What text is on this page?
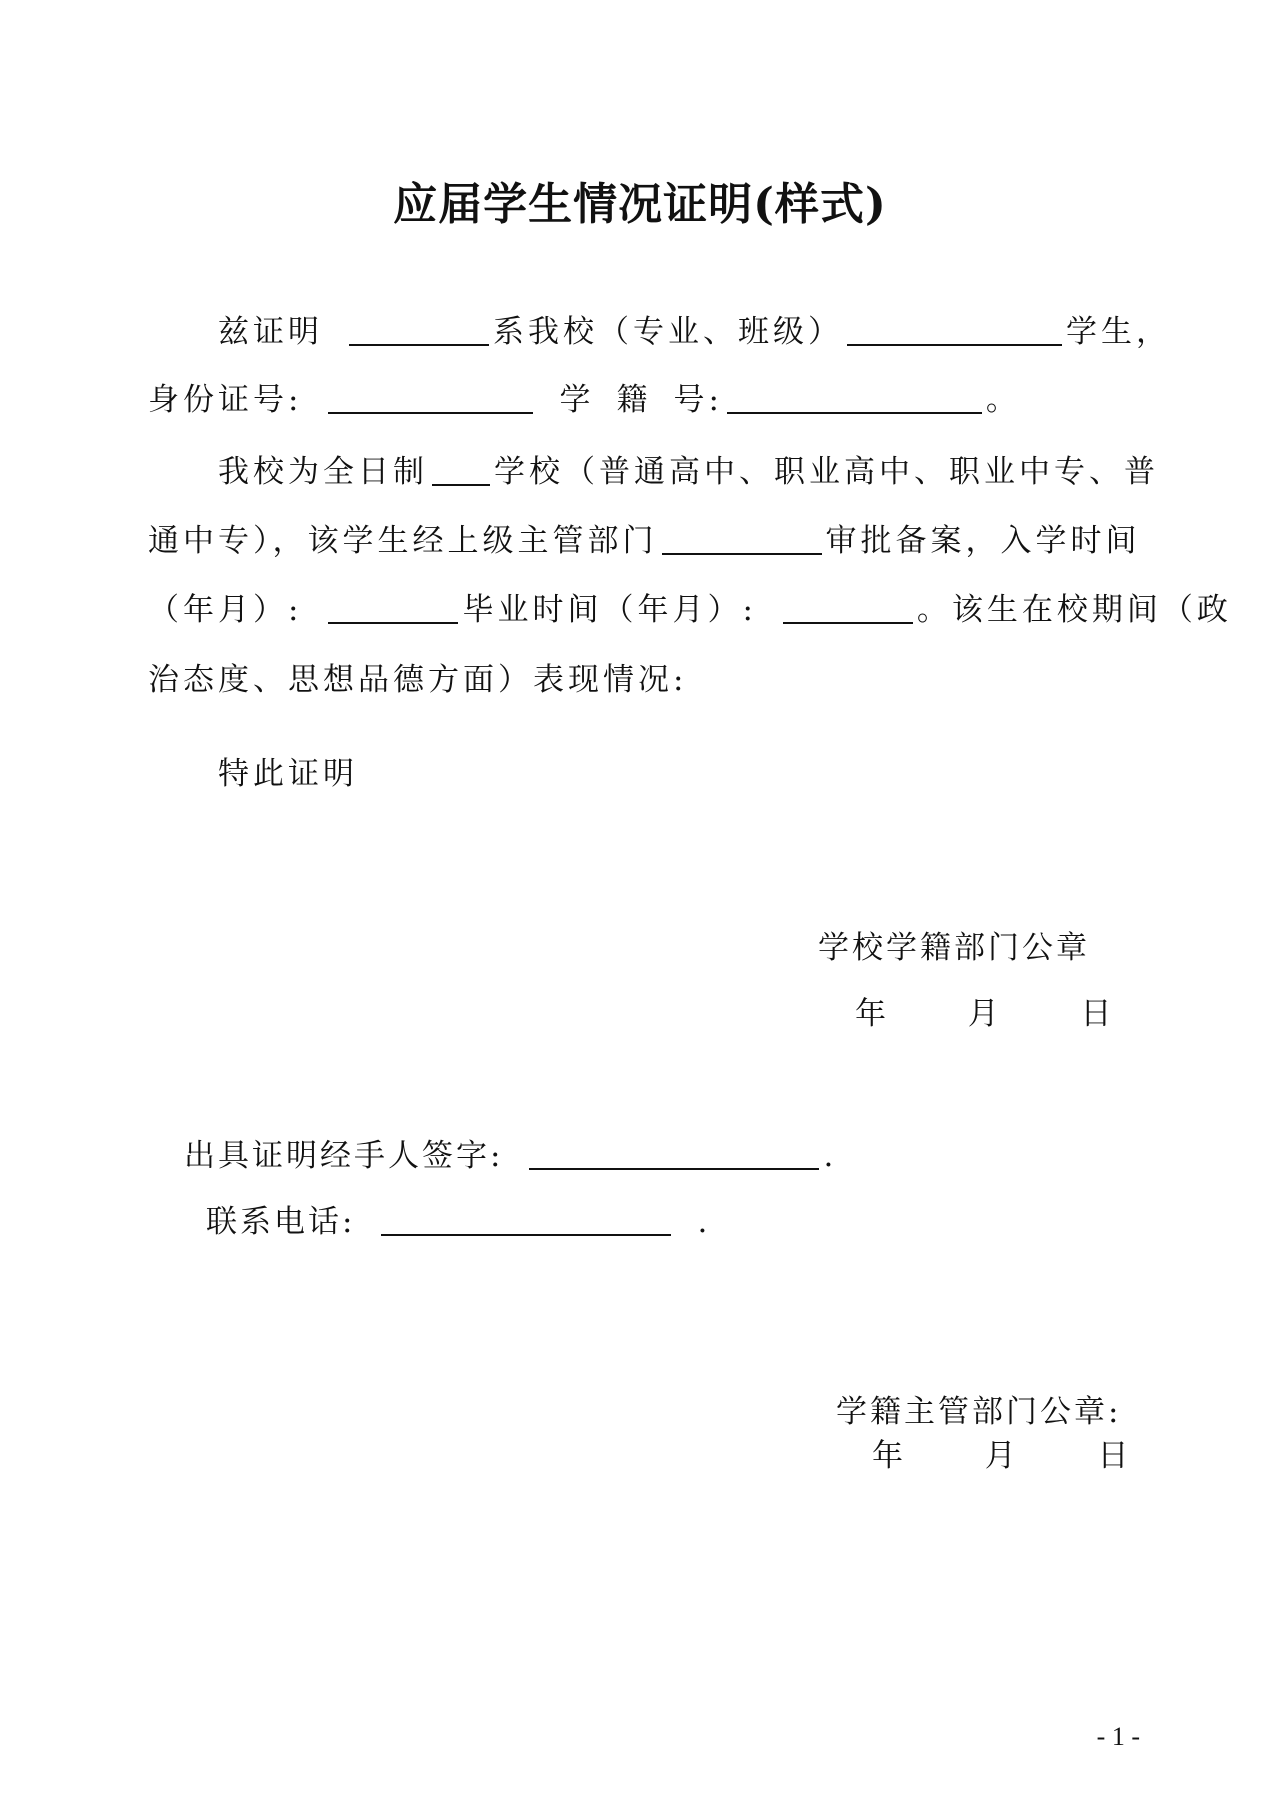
应届学生情况证明(样式)
兹证明	系我校（专业、班级）	学生，
身份证号:	学 籍 号:	。
我校为全日制 学校（普通高中、职业高中、职业中专、普
通中专），该学生经上级主管部门	审批备案，入学时间
（年月）:	毕业时间（年月）:	。该生在校期间（政
治态度、思想品德方面）表现情况:
特此证明
学校学籍部门公章
年	月	日
出具证明经手人签字:	.
联系电话:	.
学籍主管部门公章:
年	月	日
- 1 -
